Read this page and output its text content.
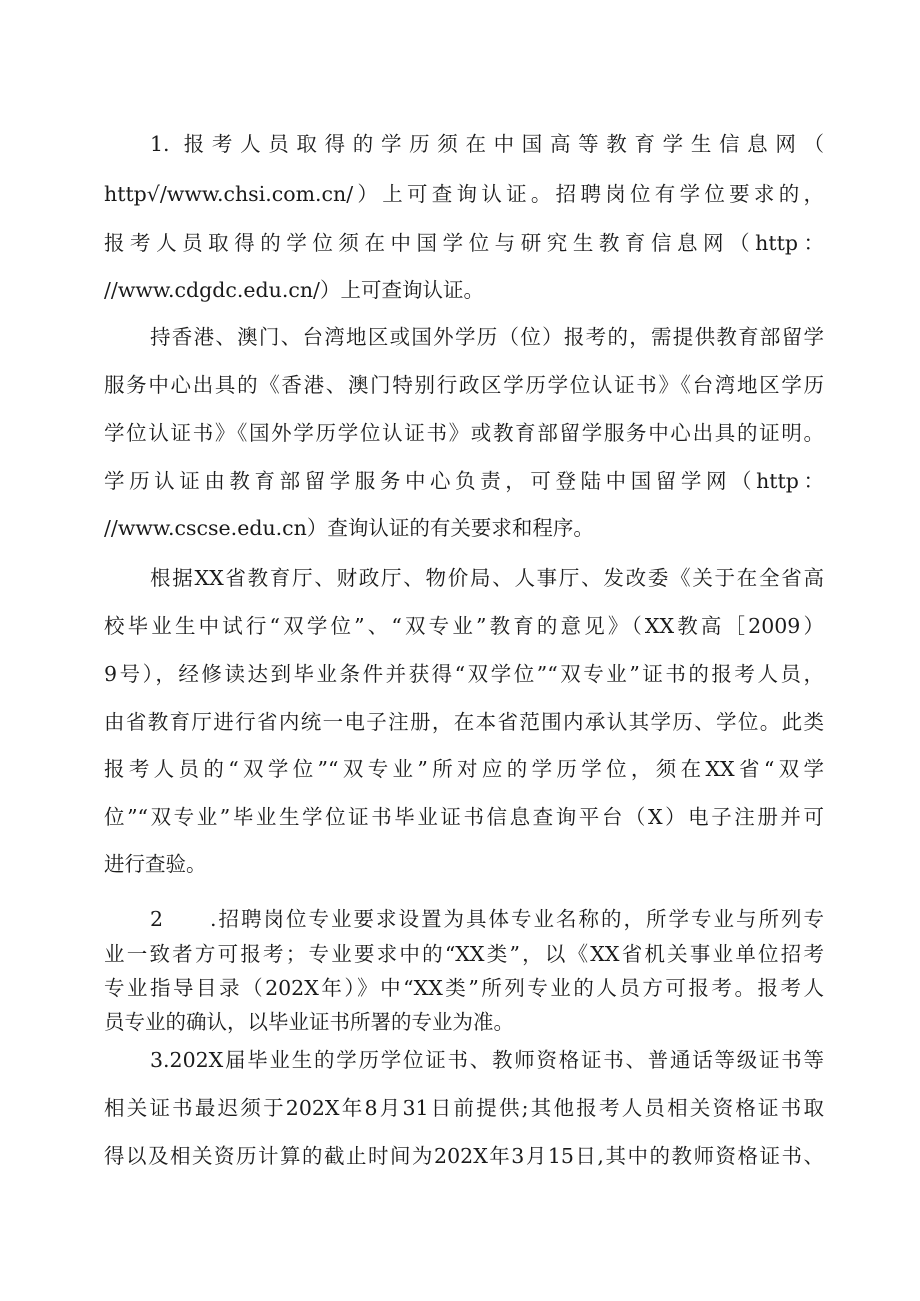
1. 报考人员取得的学历须在中国高等教育学生信息网（
http√/www.chsi.com.cn/）上可查询认证。招聘岗位有学位要求的，
报考人员取得的学位须在中国学位与研究生教育信息网（http：
//www.cdgdc.edu.cn/）上可查询认证。
持香港、澳门、台湾地区或国外学历（位）报考的，需提供教育部留学
服务中心出具的《香港、澳门特别行政区学历学位认证书》《台湾地区学历
学位认证书》《国外学历学位认证书》或教育部留学服务中心出具的证明。
学历认证由教育部留学服务中心负责，可登陆中国留学网（http：
//www.cscse.edu.cn）查询认证的有关要求和程序。
根据XX省教育厅、财政厅、物价局、人事厅、发改委《关于在全省高
校毕业生中试行“双学位”、“双专业”教育的意见》（XX教高［2009）
9号），经修读达到毕业条件并获得“双学位”“双专业”证书的报考人员，
由省教育厅进行省内统一电子注册，在本省范围内承认其学历、学位。此类
报考人员的“双学位”“双专业”所对应的学历学位，须在XX省“双学
位”“双专业”毕业生学位证书毕业证书信息查询平台（X）电子注册并可
进行查验。
2　　.招聘岗位专业要求设置为具体专业名称的，所学专业与所列专
业一致者方可报考；专业要求中的“XX类”，以《XX省机关事业单位招考
专业指导目录（202X年）》中“XX类”所列专业的人员方可报考。报考人
员专业的确认，以毕业证书所署的专业为准。
3.202X届毕业生的学历学位证书、教师资格证书、普通话等级证书等
相关证书最迟须于202X年8月31日前提供;其他报考人员相关资格证书取
得以及相关资历计算的截止时间为202X年3月15日,其中的教师资格证书、
